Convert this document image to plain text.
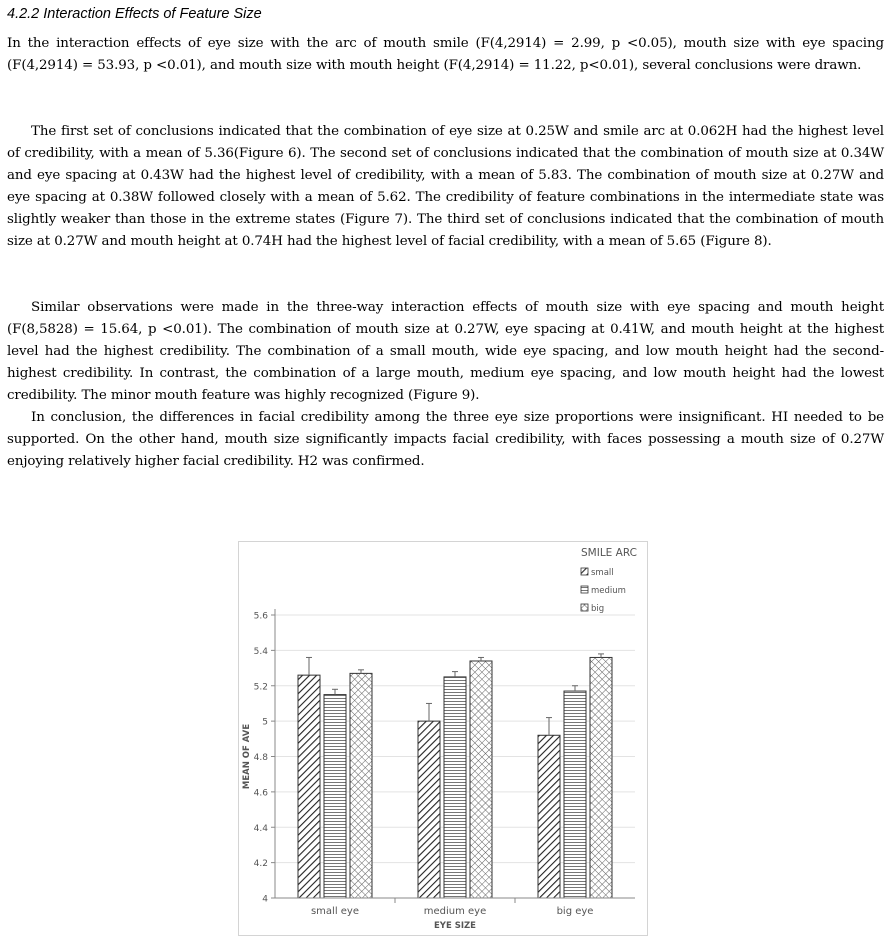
4.2.2 Interaction Effects of Feature Size

In the interaction effects of eye size with the arc of mouth smile (F(4,2914) = 2.99, p <0.05), mouth size with eye spacing (F(4,2914) = 53.93, p <0.01), and mouth size with mouth height (F(4,2914) = 11.22, p<0.01), several conclusions were drawn.

The first set of conclusions indicated that the combination of eye size at 0.25W and smile arc at 0.062H had the highest level of credibility, with a mean of 5.36(Figure 6). The second set of conclusions indicated that the combination of mouth size at 0.34W and eye spacing at 0.43W had the highest level of credibility, with a mean of 5.83. The combination of mouth size at 0.27W and eye spacing at 0.38W followed closely with a mean of 5.62. The credibility of feature combinations in the intermediate state was slightly weaker than those in the extreme states (Figure 7). The third set of conclusions indicated that the combination of mouth size at 0.27W and mouth height at 0.74H had the highest level of facial credibility, with a mean of 5.65 (Figure 8).

Similar observations were made in the three-way interaction effects of mouth size with eye spacing and mouth height (F(8,5828) = 15.64, p <0.01). The combination of mouth size at 0.27W, eye spacing at 0.41W, and mouth height at the highest level had the highest credibility. The combination of a small mouth, wide eye spacing, and low mouth height had the second-highest credibility. In contrast, the combination of a large mouth, medium eye spacing, and low mouth height had the lowest credibility. The minor mouth feature was highly recognized (Figure 9).

In conclusion, the differences in facial credibility among the three eye size proportions were insignificant. HI needed to be supported. On the other hand, mouth size significantly impacts facial credibility, with faces possessing a mouth size of 0.27W enjoying relatively higher facial credibility. H2 was confirmed.

4
4.2
4.4
4.6
4.8
5
5.2
5.4
5.6
small eye	medium eye	big eye
EYE SIZE
MEAN OF AVE
SMILE ARC
small
medium
big
